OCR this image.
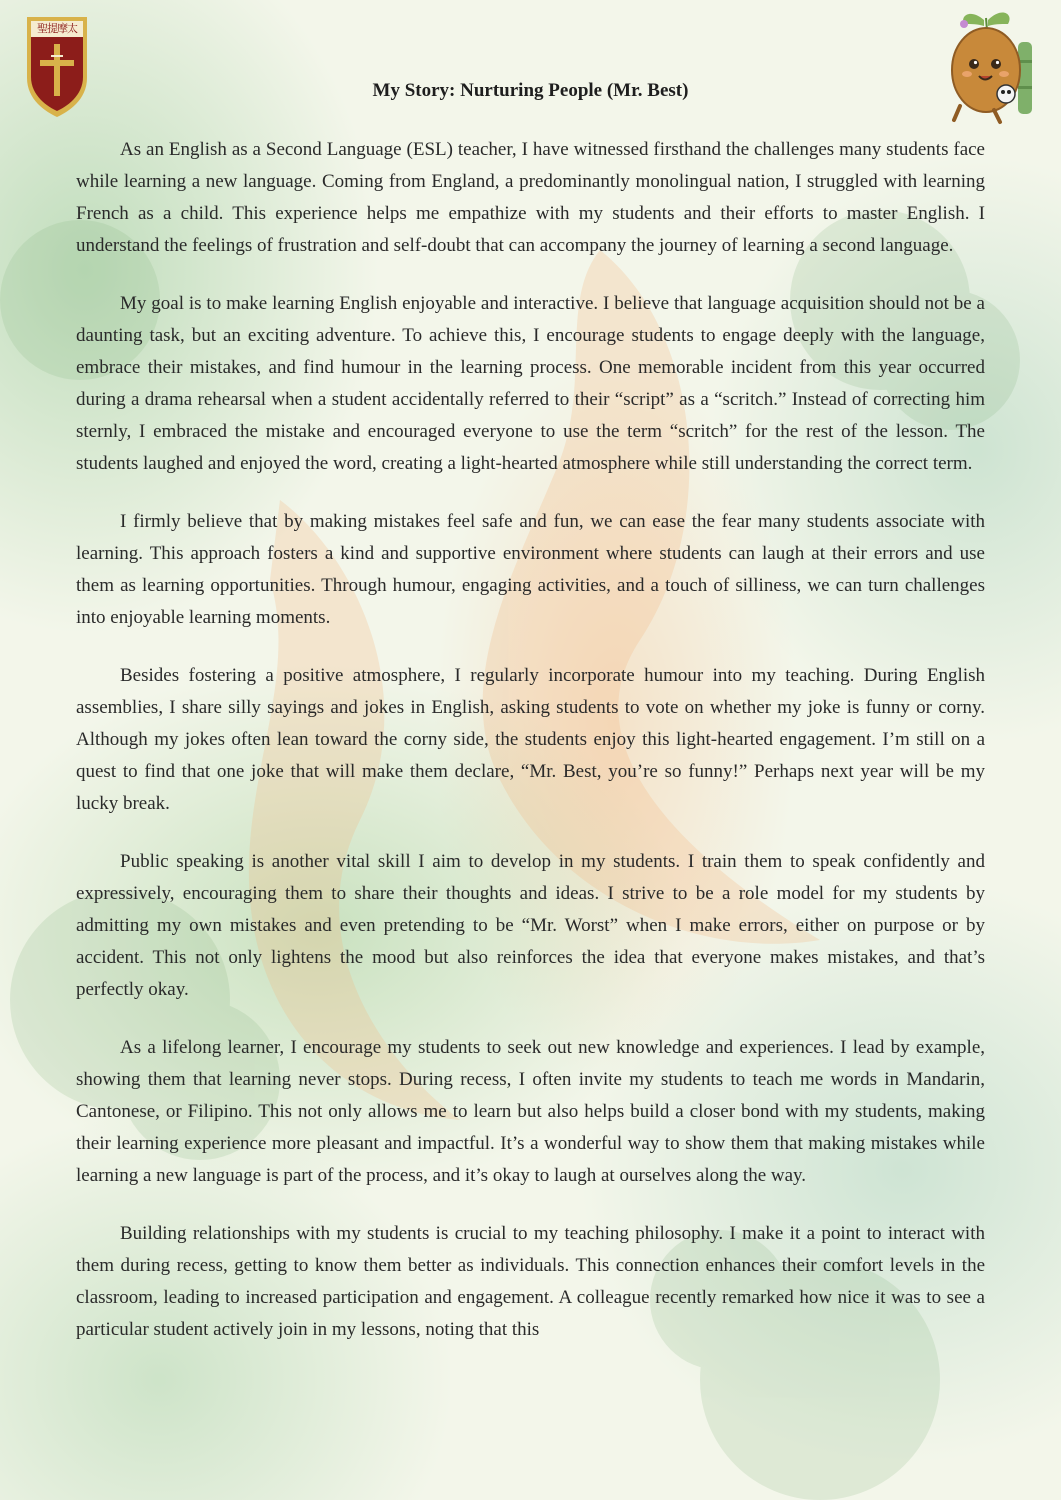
聖提摩太
My Story: Nurturing People (Mr. Best)

As an English as a Second Language (ESL) teacher, I have witnessed firsthand the challenges many students face while learning a new language. Coming from England, a predominantly monolingual nation, I struggled with learning French as a child. This experience helps me empathize with my students and their efforts to master English. I understand the feelings of frustration and self-doubt that can accompany the journey of learning a second language.

My goal is to make learning English enjoyable and interactive. I believe that language acquisition should not be a daunting task, but an exciting adventure. To achieve this, I encourage students to engage deeply with the language, embrace their mistakes, and find humour in the learning process. One memorable incident from this year occurred during a drama rehearsal when a student accidentally referred to their “script” as a “scritch.” Instead of correcting him sternly, I embraced the mistake and encouraged everyone to use the term “scritch” for the rest of the lesson. The students laughed and enjoyed the word, creating a light-hearted atmosphere while still understanding the correct term.

I firmly believe that by making mistakes feel safe and fun, we can ease the fear many students associate with learning. This approach fosters a kind and supportive environment where students can laugh at their errors and use them as learning opportunities. Through humour, engaging activities, and a touch of silliness, we can turn challenges into enjoyable learning moments.

Besides fostering a positive atmosphere, I regularly incorporate humour into my teaching. During English assemblies, I share silly sayings and jokes in English, asking students to vote on whether my joke is funny or corny. Although my jokes often lean toward the corny side, the students enjoy this light-hearted engagement. I’m still on a quest to find that one joke that will make them declare, “Mr. Best, you’re so funny!” Perhaps next year will be my lucky break.

Public speaking is another vital skill I aim to develop in my students. I train them to speak confidently and expressively, encouraging them to share their thoughts and ideas. I strive to be a role model for my students by admitting my own mistakes and even pretending to be “Mr. Worst” when I make errors, either on purpose or by accident. This not only lightens the mood but also reinforces the idea that everyone makes mistakes, and that’s perfectly okay.

As a lifelong learner, I encourage my students to seek out new knowledge and experiences. I lead by example, showing them that learning never stops. During recess, I often invite my students to teach me words in Mandarin, Cantonese, or Filipino. This not only allows me to learn but also helps build a closer bond with my students, making their learning experience more pleasant and impactful. It’s a wonderful way to show them that making mistakes while learning a new language is part of the process, and it’s okay to laugh at ourselves along the way.

Building relationships with my students is crucial to my teaching philosophy. I make it a point to interact with them during recess, getting to know them better as individuals. This connection enhances their comfort levels in the classroom, leading to increased participation and engagement. A colleague recently remarked how nice it was to see a particular student actively join in my lessons, noting that this
